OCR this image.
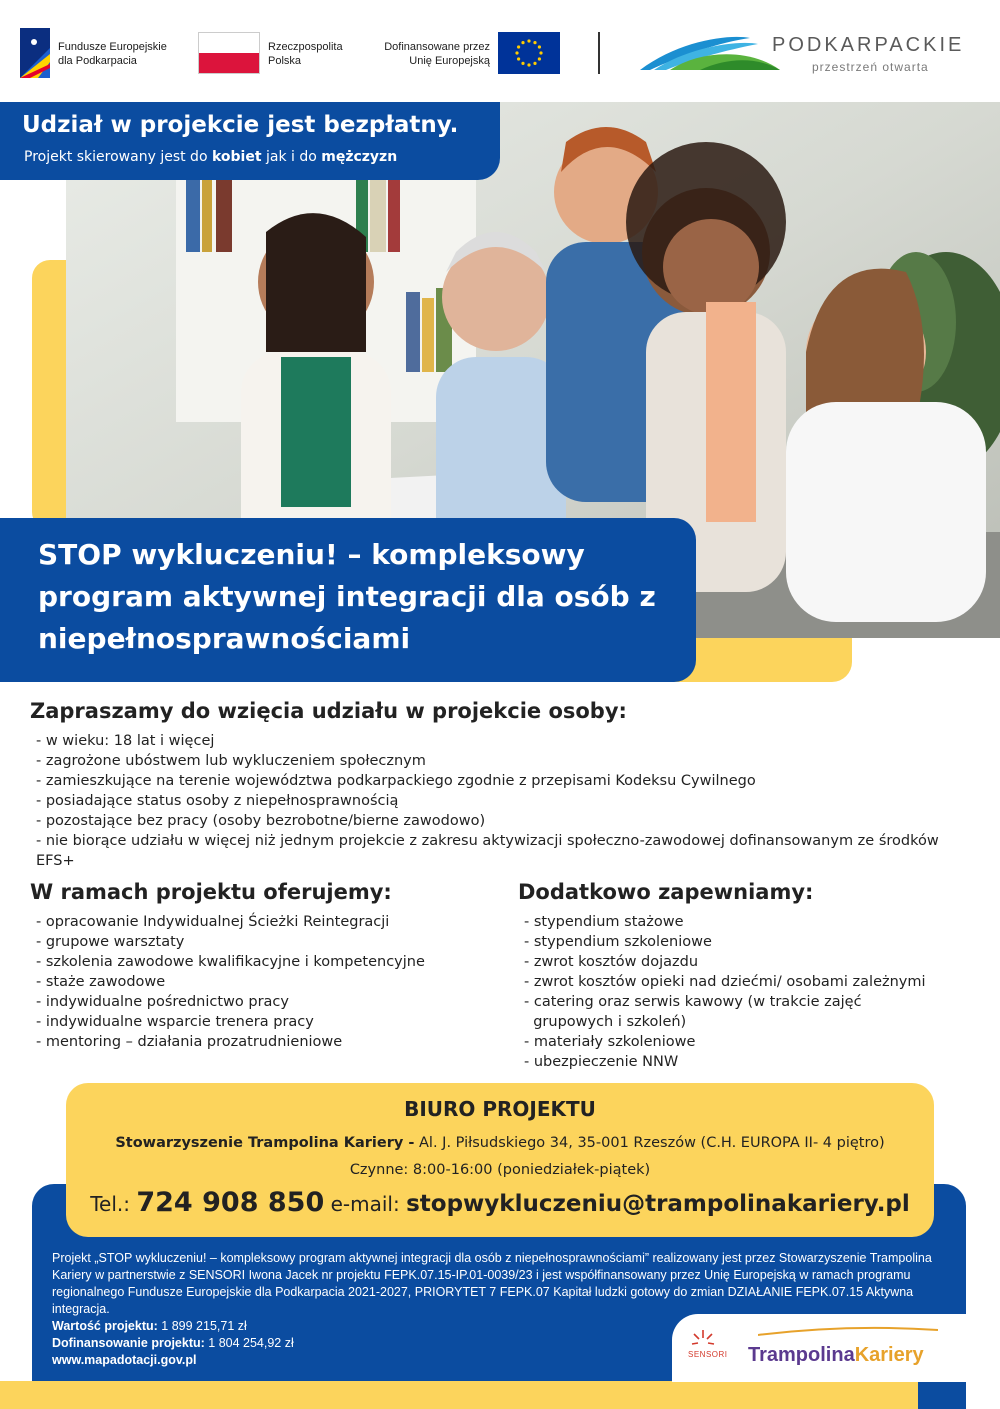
Fundusze Europejskie
dla Podkarpacia
Rzeczpospolita
Polska
Dofinansowane przez
Unię Europejską
PODKARPACKIE
przestrzeń otwarta
Udział w projekcie jest bezpłatny.
Projekt skierowany jest do kobiet jak i do mężczyzn
STOP wykluczeniu! – kompleksowy program aktywnej integracji dla osób z niepełnosprawnościami
Zapraszamy do wzięcia udziału w projekcie osoby:
- w wieku: 18 lat i więcej
- zagrożone ubóstwem lub wykluczeniem społecznym
- zamieszkujące na terenie województwa podkarpackiego zgodnie z przepisami Kodeksu Cywilnego
- posiadające status osoby z niepełnosprawnością
- pozostające bez pracy (osoby bezrobotne/bierne zawodowo)
- nie biorące udziału w więcej niż jednym projekcie z zakresu aktywizacji społeczno-zawodowej dofinansowanym ze środków EFS+
W ramach projektu oferujemy:
- opracowanie Indywidualnej Ścieżki Reintegracji
- grupowe warsztaty
- szkolenia zawodowe kwalifikacyjne i kompetencyjne
- staże zawodowe
- indywidualne pośrednictwo pracy
- indywidualne wsparcie trenera pracy
- mentoring – działania prozatrudnieniowe
Dodatkowo zapewniamy:
- stypendium stażowe
- stypendium szkoleniowe
- zwrot kosztów dojazdu
- zwrot kosztów opieki nad dziećmi/ osobami zależnymi
- catering oraz serwis kawowy (w trakcie zajęć
grupowych i szkoleń)
- materiały szkoleniowe
- ubezpieczenie NNW
BIURO PROJEKTU
Stowarzyszenie Trampolina Kariery - Al. J. Piłsudskiego 34, 35-001 Rzeszów (C.H. EUROPA II- 4 piętro)
Czynne: 8:00-16:00 (poniedziałek-piątek)
Tel.: 724 908 850 e-mail: stopwykluczeniu@trampolinakariery.pl

Projekt „STOP wykluczeniu! – kompleksowy program aktywnej integracji dla osób z niepełnosprawnościami” realizowany jest przez Stowarzyszenie Trampolina Kariery w partnerstwie z SENSORI Iwona Jacek nr projektu FEPK.07.15-IP.01-0039/23 i jest współfinansowany przez Unię Europejską w ramach programu regionalnego Fundusze Europejskie dla Podkarpacia 2021-2027, PRIORYTET 7 FEPK.07 Kapitał ludzki gotowy do zmian DZIAŁANIE FEPK.07.15 Aktywna integracja.

Wartość projektu: 1 899 215,71 zł

Dofinansowanie projektu: 1 804 254,92 zł

www.mapadotacji.gov.pl	SENSORI TrampolinaKariery
